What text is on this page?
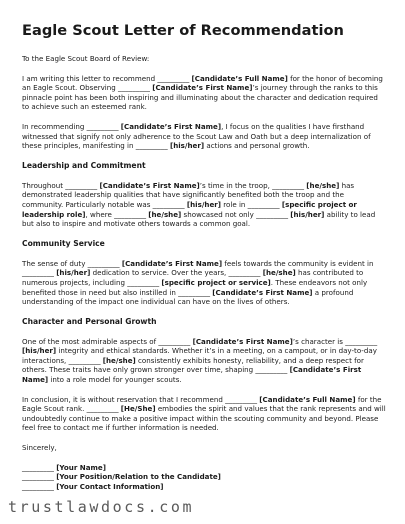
Eagle Scout Letter of Recommendation

To the Eagle Scout Board of Review:

I am writing this letter to recommend _________ [Candidate’s Full Name] for the honor of becoming an Eagle Scout. Observing _________ [Candidate’s First Name]’s journey through the ranks to this pinnacle point has been both inspiring and illuminating about the character and dedication required to achieve such an esteemed rank.

In recommending _________ [Candidate’s First Name], I focus on the qualities I have firsthand witnessed that signify not only adherence to the Scout Law and Oath but a deep internalization of these principles, manifesting in _________ [his/her] actions and personal growth.

Leadership and Commitment

Throughout _________ [Candidate’s First Name]’s time in the troop, _________ [he/she] has demonstrated leadership qualities that have significantly benefited both the troop and the community. Particularly notable was _________ [his/her] role in _________ [specific project or leadership role], where _________ [he/she] showcased not only _________ [his/her] ability to lead but also to inspire and motivate others towards a common goal.

Community Service

The sense of duty _________ [Candidate’s First Name] feels towards the community is evident in _________ [his/her] dedication to service. Over the years, _________ [he/she] has contributed to numerous projects, including _________ [specific project or service]. These endeavors not only benefited those in need but also instilled in _________ [Candidate’s First Name] a profound understanding of the impact one individual can have on the lives of others.

Character and Personal Growth

One of the most admirable aspects of _________ [Candidate’s First Name]’s character is _________ [his/her] integrity and ethical standards. Whether it’s in a meeting, on a campout, or in day-to-day interactions, _________ [he/she] consistently exhibits honesty, reliability, and a deep respect for others. These traits have only grown stronger over time, shaping _________ [Candidate’s First Name] into a role model for younger scouts.

In conclusion, it is without reservation that I recommend _________ [Candidate’s Full Name] for the Eagle Scout rank. _________ [He/She] embodies the spirit and values that the rank represents and will undoubtedly continue to make a positive impact within the scouting community and beyond. Please feel free to contact me if further information is needed.

Sincerely,

_________ [Your Name]

_________ [Your Position/Relation to the Candidate]

_________ [Your Contact Information]

trustlawdocs.com
